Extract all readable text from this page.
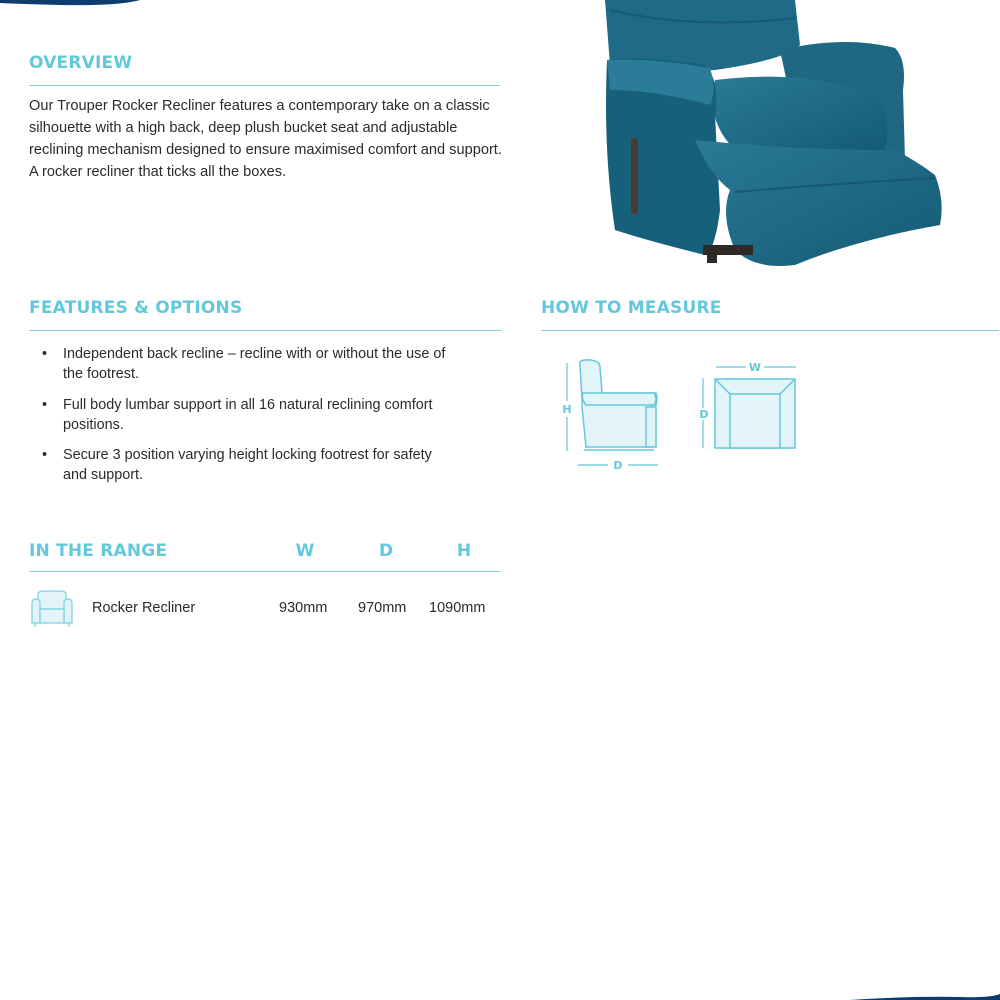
OVERVIEW

Our Trouper Rocker Recliner features a contemporary take on a classic silhouette with a high back, deep plush bucket seat and adjustable reclining mechanism designed to ensure maximised comfort and support. A rocker recliner that ticks all the boxes.

FEATURES & OPTIONS
• Independent back recline – recline with or without the use of the footrest.
• Full body lumbar support in all 16 natural reclining comfort positions.
• Secure 3 position varying height locking footrest for safety and support.
HOW TO MEASURE
H
D
W
D
IN THE RANGE	W	D	H
Rocker Recliner	930mm 970mm 1090mm
